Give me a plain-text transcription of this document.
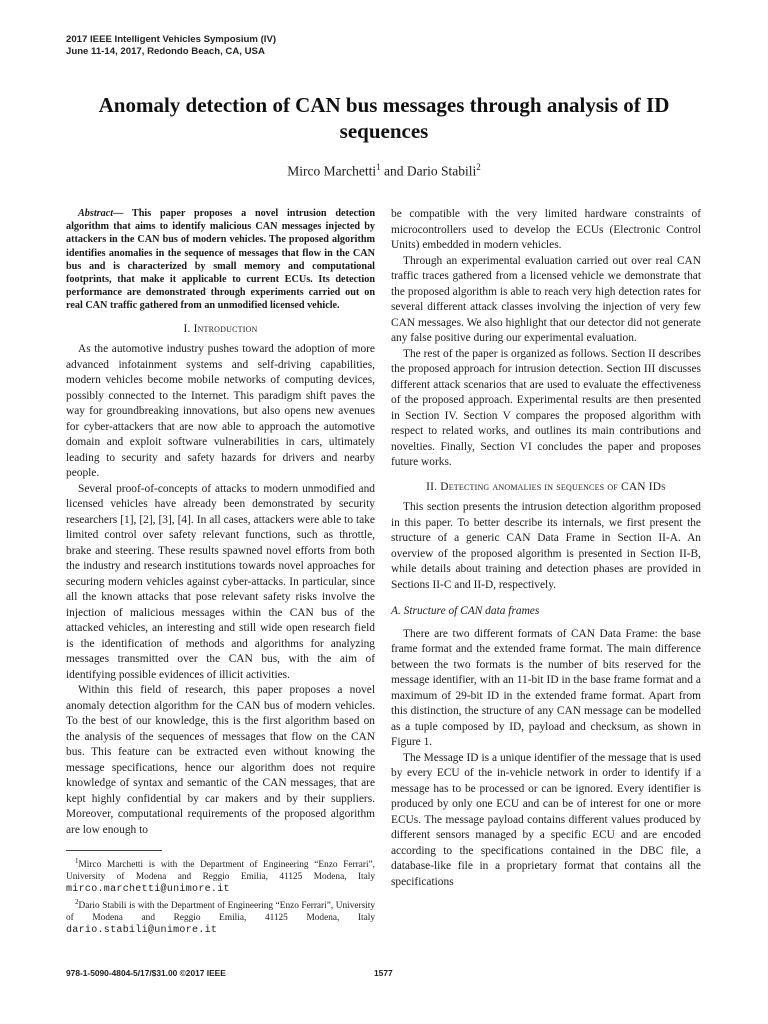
2017 IEEE Intelligent Vehicles Symposium (IV)
June 11-14, 2017, Redondo Beach, CA, USA
Anomaly detection of CAN bus messages through analysis of ID sequences
Mirco Marchetti$^1$ and Dario Stabili$^2$

Abstract— This paper proposes a novel intrusion detection algorithm that aims to identify malicious CAN messages injected by attackers in the CAN bus of modern vehicles. The proposed algorithm identifies anomalies in the sequence of messages that flow in the CAN bus and is characterized by small memory and computational footprints, that make it applicable to current ECUs. Its detection performance are demonstrated through experiments carried out on real CAN traffic gathered from an unmodified licensed vehicle.

I. Introduction

As the automotive industry pushes toward the adoption of more advanced infotainment systems and self-driving capabilities, modern vehicles become mobile networks of computing devices, possibly connected to the Internet. This paradigm shift paves the way for groundbreaking innovations, but also opens new avenues for cyber-attackers that are now able to approach the automotive domain and exploit software vulnerabilities in cars, ultimately leading to security and safety hazards for drivers and nearby people.

Several proof-of-concepts of attacks to modern unmodified and licensed vehicles have already been demonstrated by security researchers [1], [2], [3], [4]. In all cases, attackers were able to take limited control over safety relevant functions, such as throttle, brake and steering. These results spawned novel efforts from both the industry and research institutions towards novel approaches for securing modern vehicles against cyber-attacks. In particular, since all the known attacks that pose relevant safety risks involve the injection of malicious messages within the CAN bus of the attacked vehicles, an interesting and still wide open research field is the identification of methods and algorithms for analyzing messages transmitted over the CAN bus, with the aim of identifying possible evidences of illicit activities.

Within this field of research, this paper proposes a novel anomaly detection algorithm for the CAN bus of modern vehicles. To the best of our knowledge, this is the first algorithm based on the analysis of the sequences of messages that flow on the CAN bus. This feature can be extracted even without knowing the message specifications, hence our algorithm does not require knowledge of syntax and semantic of the CAN messages, that are kept highly confidential by car makers and by their suppliers. Moreover, computational requirements of the proposed algorithm are low enough to

$^1$Mirco Marchetti is with the Department of Engineering “Enzo Ferrari”, University of Modena and Reggio Emilia, 41125 Modena, Italy mirco.marchetti@unimore.it

$^2$Dario Stabili is with the Department of Engineering “Enzo Ferrari”, University of Modena and Reggio Emilia, 41125 Modena, Italy dario.stabili@unimore.it

be compatible with the very limited hardware constraints of microcontrollers used to develop the ECUs (Electronic Control Units) embedded in modern vehicles.

Through an experimental evaluation carried out over real CAN traffic traces gathered from a licensed vehicle we demonstrate that the proposed algorithm is able to reach very high detection rates for several different attack classes involving the injection of very few CAN messages. We also highlight that our detector did not generate any false positive during our experimental evaluation.

The rest of the paper is organized as follows. Section II describes the proposed approach for intrusion detection. Section III discusses different attack scenarios that are used to evaluate the effectiveness of the proposed approach. Experimental results are then presented in Section IV. Section V compares the proposed algorithm with respect to related works, and outlines its main contributions and novelties. Finally, Section VI concludes the paper and proposes future works.

II. Detecting anomalies in sequences of CAN IDs

This section presents the intrusion detection algorithm proposed in this paper. To better describe its internals, we first present the structure of a generic CAN Data Frame in Section II-A. An overview of the proposed algorithm is presented in Section II-B, while details about training and detection phases are provided in Sections II-C and II-D, respectively.

A. Structure of CAN data frames

There are two different formats of CAN Data Frame: the base frame format and the extended frame format. The main difference between the two formats is the number of bits reserved for the message identifier, with an 11-bit ID in the base frame format and a maximum of 29-bit ID in the extended frame format. Apart from this distinction, the structure of any CAN message can be modelled as a tuple composed by ID, payload and checksum, as shown in Figure 1.

The Message ID is a unique identifier of the message that is used by every ECU of the in-vehicle network in order to identify if a message has to be processed or can be ignored. Every identifier is produced by only one ECU and can be of interest for one or more ECUs. The message payload contains different values produced by different sensors managed by a specific ECU and are encoded according to the specifications contained in the DBC file, a database-like file in a proprietary format that contains all the specifications

978-1-5090-4804-5/17/$31.00 ©2017 IEEE	1577
